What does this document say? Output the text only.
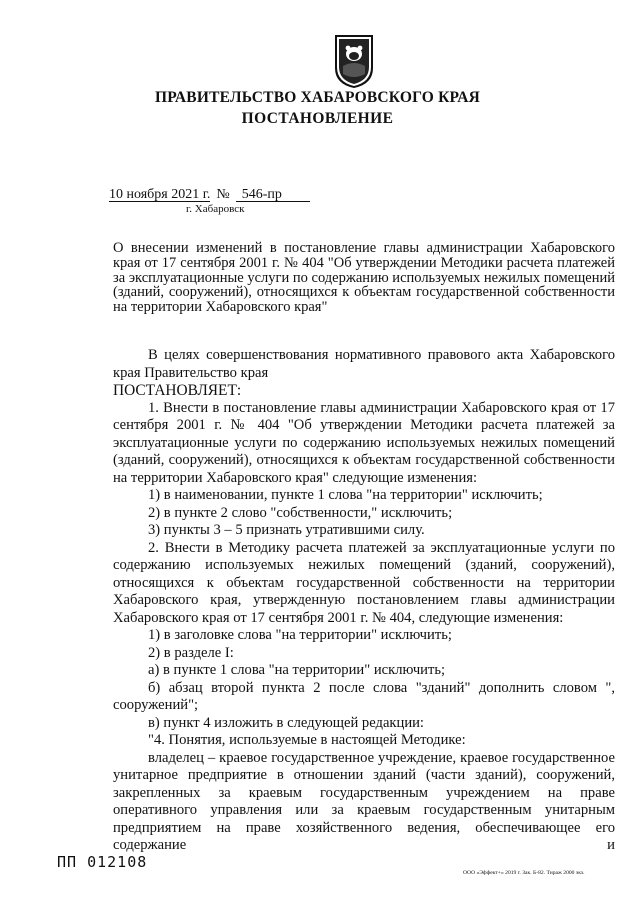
ПРАВИТЕЛЬСТВО ХАБАРОВСКОГО КРАЯ
ПОСТАНОВЛЕНИЕ
10 ноября 2021 г. № 546-пр
г. Хабаровск
О внесении изменений в постановление главы администрации Хабаровского края от 17 сентября 2001 г. № 404 "Об утверждении Методики расчета платежей за эксплуатационные услуги по содержанию используемых нежилых помещений (зданий, сооружений), относящихся к объектам государственной собственности на территории Хабаровского края"

В целях совершенствования нормативного правового акта Хабаровского края Правительство края

ПОСТАНОВЛЯЕТ:

1. Внести в постановление главы администрации Хабаровского края от 17 сентября 2001 г. № 404 "Об утверждении Методики расчета платежей за эксплуатационные услуги по содержанию используемых нежилых помещений (зданий, сооружений), относящихся к объектам государственной собственности на территории Хабаровского края" следующие изменения:

1) в наименовании, пункте 1 слова "на территории" исключить;

2) в пункте 2 слово "собственности," исключить;

3) пункты 3 – 5 признать утратившими силу.

2. Внести в Методику расчета платежей за эксплуатационные услуги по содержанию используемых нежилых помещений (зданий, сооружений), относящихся к объектам государственной собственности на территории Хабаровского края, утвержденную постановлением главы администрации Хабаровского края от 17 сентября 2001 г. № 404, следующие изменения:

1) в заголовке слова "на территории" исключить;

2) в разделе I:

а) в пункте 1 слова "на территории" исключить;

б) абзац второй пункта 2 после слова "зданий" дополнить словом ", сооружений";

в) пункт 4 изложить в следующей редакции:

"4. Понятия, используемые в настоящей Методике:

владелец – краевое государственное учреждение, краевое государственное унитарное предприятие в отношении зданий (части зданий), сооружений, закрепленных за краевым государственным учреждением на праве оперативного управления или за краевым государственным унитарным предприятием на праве хозяйственного ведения, обеспечивающее его содержание и

ПП 012108
ООО «Эффект+» 2019 г. Зак. Б-82. Тираж 2000 экз.
